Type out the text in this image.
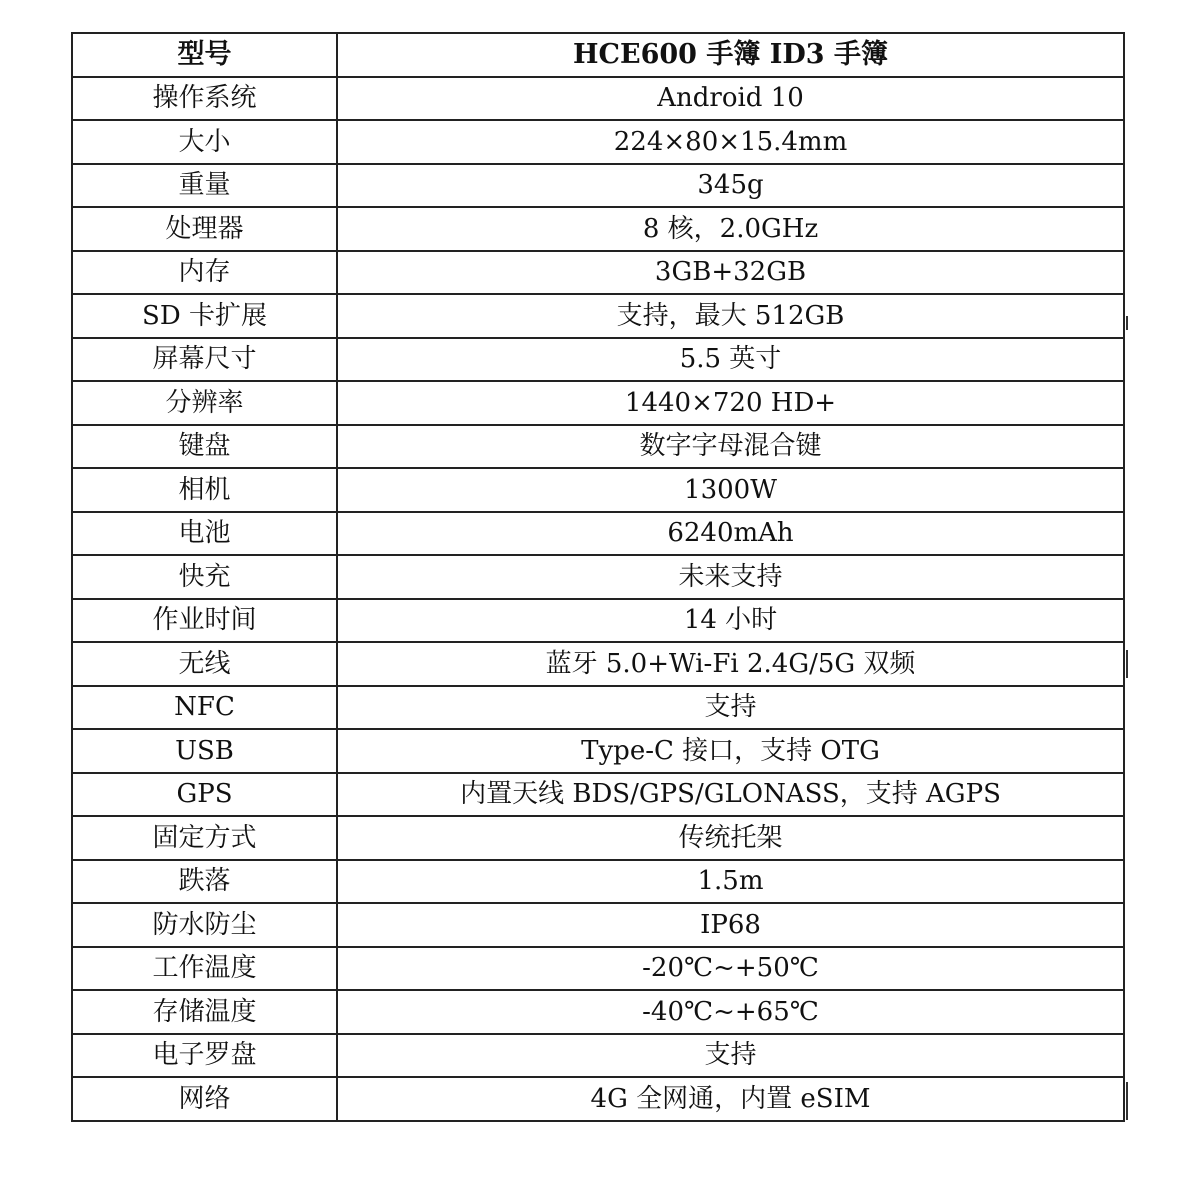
型号	HCE600 手簿 ID3 手簿
操作系统	Android 10
大小	224×80×15.4mm
重量	345g
处理器	8 核，2.0GHz
内存	3GB+32GB
SD 卡扩展	支持，最大 512GB
屏幕尺寸	5.5 英寸
分辨率	1440×720 HD+
键盘	数字字母混合键
相机	1300W
电池	6240mAh
快充	未来支持
作业时间	14 小时
无线	蓝牙 5.0+Wi-Fi 2.4G/5G 双频
NFC	支持
USB	Type-C 接口，支持 OTG
GPS	内置天线 BDS/GPS/GLONASS，支持 AGPS
固定方式	传统托架
跌落	1.5m
防水防尘	IP68
工作温度	-20℃~+50℃
存储温度	-40℃~+65℃
电子罗盘	支持
网络	4G 全网通，内置 eSIM
